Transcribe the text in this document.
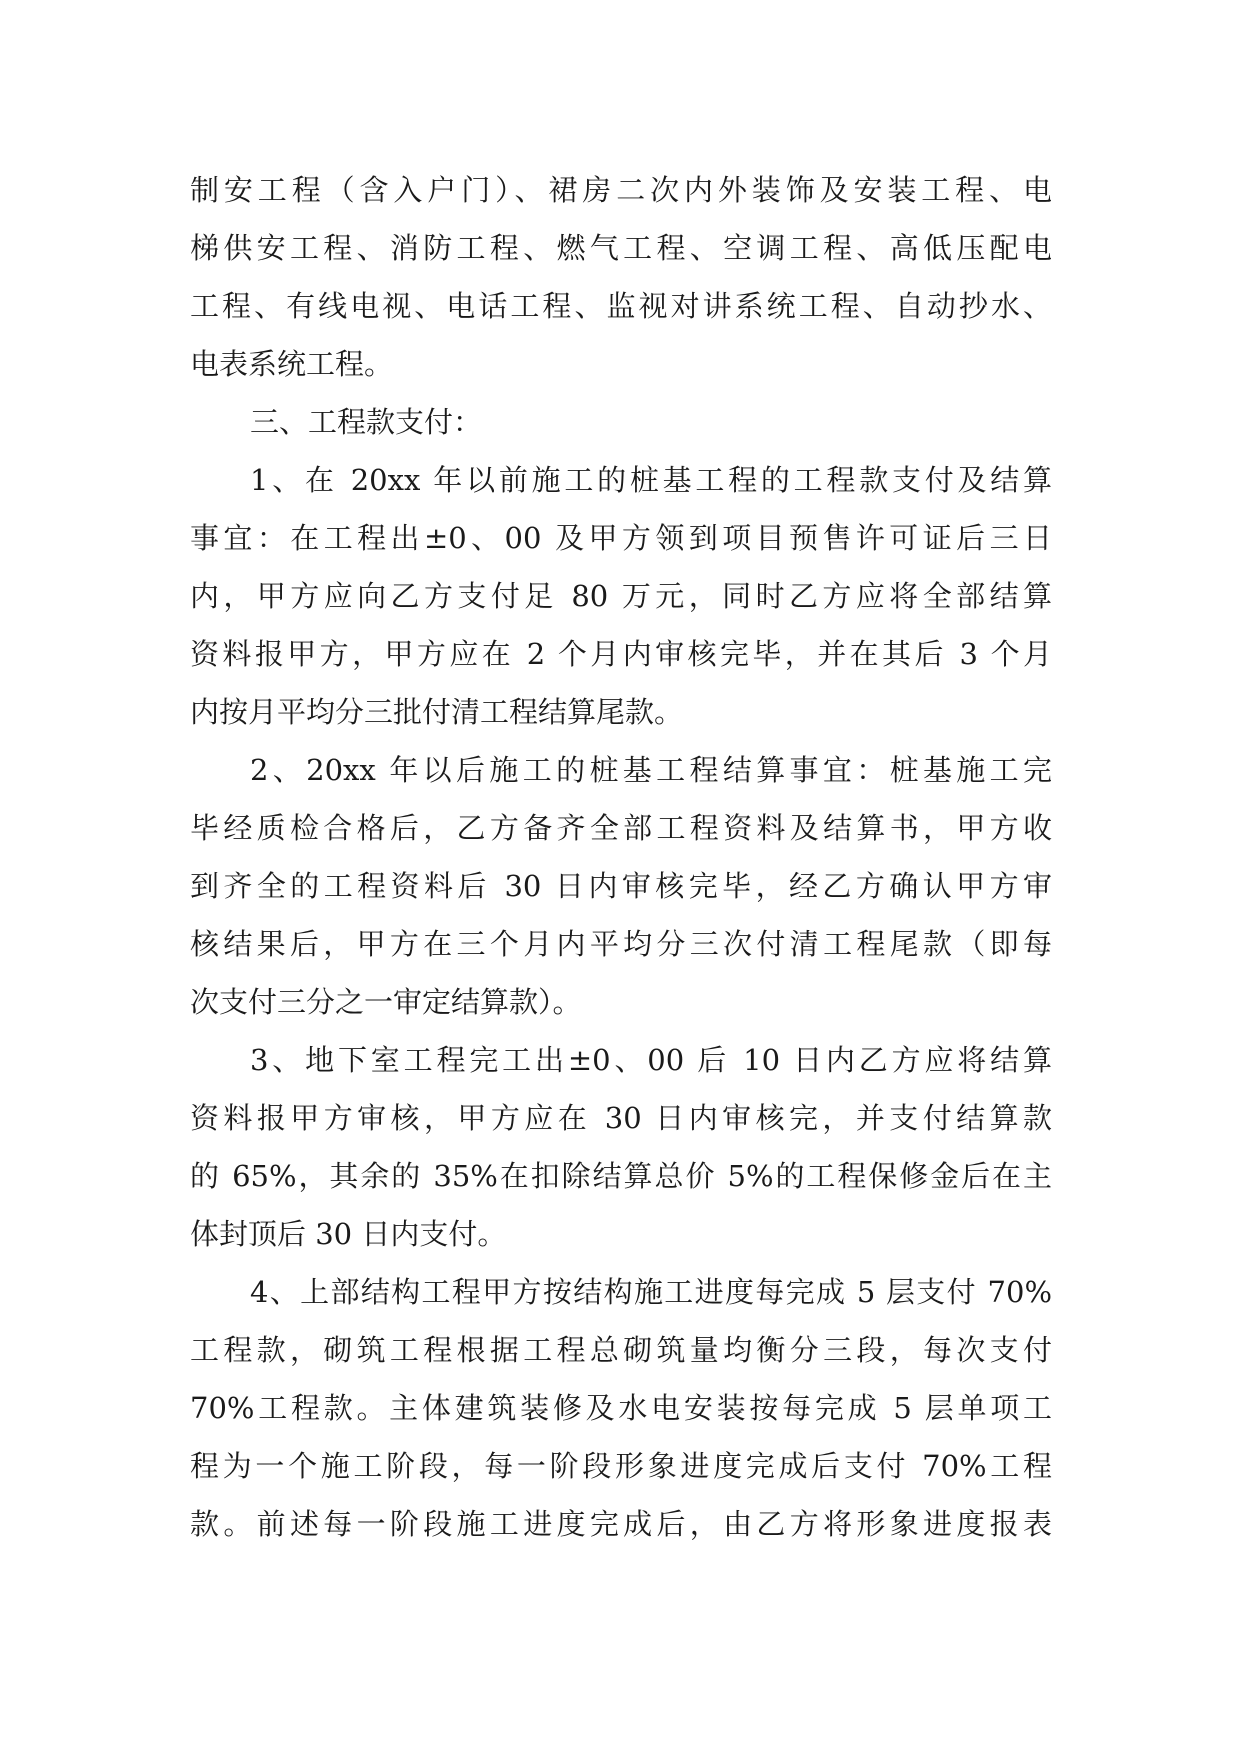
制安工程（含入户门）、裙房二次内外装饰及安装工程、电
梯供安工程、消防工程、燃气工程、空调工程、高低压配电
工程、有线电视、电话工程、监视对讲系统工程、自动抄水、
电表系统工程。
三、工程款支付：
1、在 20xx 年以前施工的桩基工程的工程款支付及结算
事宜：在工程出±0、00 及甲方领到项目预售许可证后三日
内，甲方应向乙方支付足 80 万元，同时乙方应将全部结算
资料报甲方，甲方应在 2 个月内审核完毕，并在其后 3 个月
内按月平均分三批付清工程结算尾款。
2、20xx 年以后施工的桩基工程结算事宜：桩基施工完
毕经质检合格后，乙方备齐全部工程资料及结算书，甲方收
到齐全的工程资料后 30 日内审核完毕，经乙方确认甲方审
核结果后，甲方在三个月内平均分三次付清工程尾款（即每
次支付三分之一审定结算款）。
3、地下室工程完工出±0、00 后 10 日内乙方应将结算
资料报甲方审核，甲方应在 30 日内审核完，并支付结算款
的 65%，其余的 35%在扣除结算总价 5%的工程保修金后在主
体封顶后 30 日内支付。
4、上部结构工程甲方按结构施工进度每完成 5 层支付 70%
工程款，砌筑工程根据工程总砌筑量均衡分三段，每次支付
70%工程款。主体建筑装修及水电安装按每完成 5 层单项工
程为一个施工阶段，每一阶段形象进度完成后支付 70%工程
款。前述每一阶段施工进度完成后，由乙方将形象进度报表
